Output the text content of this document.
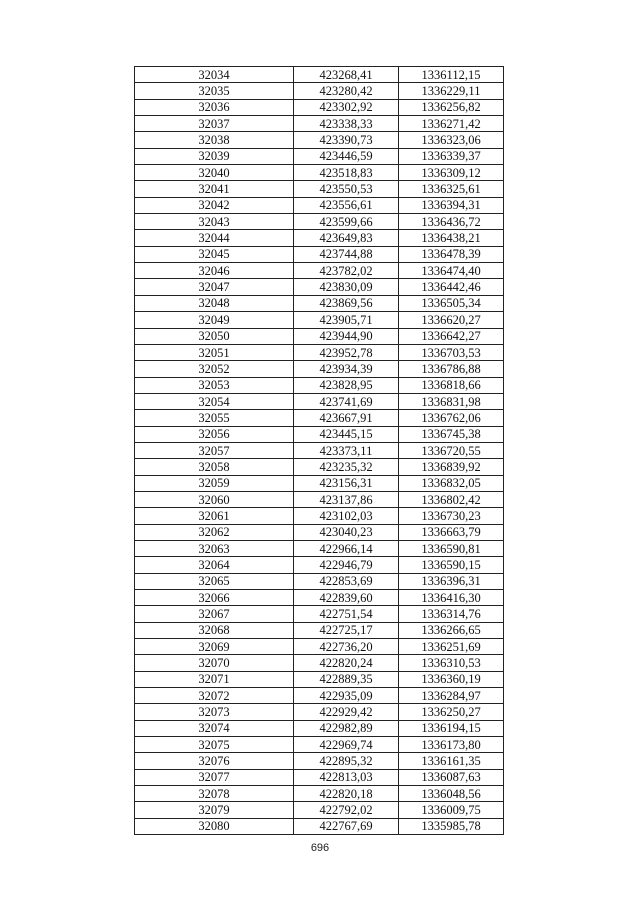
32034	423268,41	1336112,15
32035	423280,42	1336229,11
32036	423302,92	1336256,82
32037	423338,33	1336271,42
32038	423390,73	1336323,06
32039	423446,59	1336339,37
32040	423518,83	1336309,12
32041	423550,53	1336325,61
32042	423556,61	1336394,31
32043	423599,66	1336436,72
32044	423649,83	1336438,21
32045	423744,88	1336478,39
32046	423782,02	1336474,40
32047	423830,09	1336442,46
32048	423869,56	1336505,34
32049	423905,71	1336620,27
32050	423944,90	1336642,27
32051	423952,78	1336703,53
32052	423934,39	1336786,88
32053	423828,95	1336818,66
32054	423741,69	1336831,98
32055	423667,91	1336762,06
32056	423445,15	1336745,38
32057	423373,11	1336720,55
32058	423235,32	1336839,92
32059	423156,31	1336832,05
32060	423137,86	1336802,42
32061	423102,03	1336730,23
32062	423040,23	1336663,79
32063	422966,14	1336590,81
32064	422946,79	1336590,15
32065	422853,69	1336396,31
32066	422839,60	1336416,30
32067	422751,54	1336314,76
32068	422725,17	1336266,65
32069	422736,20	1336251,69
32070	422820,24	1336310,53
32071	422889,35	1336360,19
32072	422935,09	1336284,97
32073	422929,42	1336250,27
32074	422982,89	1336194,15
32075	422969,74	1336173,80
32076	422895,32	1336161,35
32077	422813,03	1336087,63
32078	422820,18	1336048,56
32079	422792,02	1336009,75
32080	422767,69	1335985,78
696
